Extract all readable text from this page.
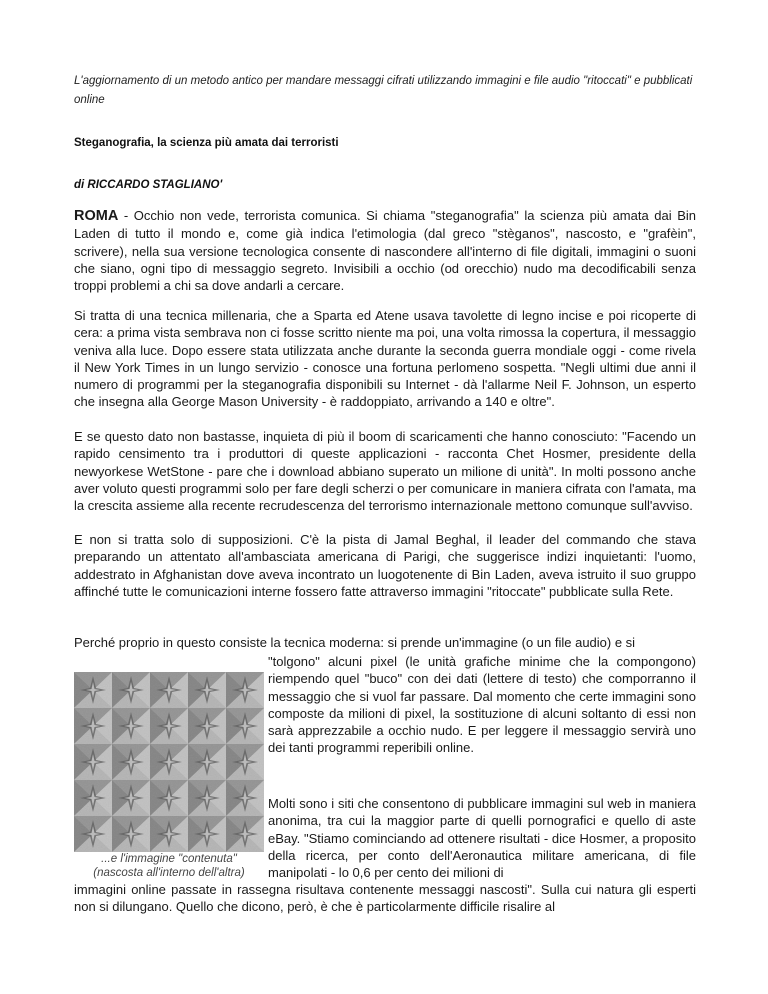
L'aggiornamento di un metodo antico per mandare messaggi cifrati utilizzando immagini e file audio "ritoccati" e pubblicati online
Steganografia, la scienza più amata dai terroristi
di RICCARDO STAGLIANO'

ROMA - Occhio non vede, terrorista comunica. Si chiama "steganografia" la scienza più amata dai Bin Laden di tutto il mondo e, come già indica l'etimologia (dal greco "stèganos", nascosto, e "grafèin", scrivere), nella sua versione tecnologica consente di nascondere all'interno di file digitali, immagini o suoni che siano, ogni tipo di messaggio segreto. Invisibili a occhio (od orecchio) nudo ma decodificabili senza troppi problemi a chi sa dove andarli a cercare.

Si tratta di una tecnica millenaria, che a Sparta ed Atene usava tavolette di legno incise e poi ricoperte di cera: a prima vista sembrava non ci fosse scritto niente ma poi, una volta rimossa la copertura, il messaggio veniva alla luce. Dopo essere stata utilizzata anche durante la seconda guerra mondiale oggi - come rivela il New York Times in un lungo servizio - conosce una fortuna perlomeno sospetta. "Negli ultimi due anni il numero di programmi per la steganografia disponibili su Internet - dà l'allarme Neil F. Johnson, un esperto che insegna alla George Mason University - è raddoppiato, arrivando a 140 e oltre".

E se questo dato non bastasse, inquieta di più il boom di scaricamenti che hanno conosciuto: "Facendo un rapido censimento tra i produttori di queste applicazioni - racconta Chet Hosmer, presidente della newyorkese WetStone - pare che i download abbiano superato un milione di unità". In molti possono anche aver voluto questi programmi solo per fare degli scherzi o per comunicare in maniera cifrata con l'amata, ma la crescita assieme alla recente recrudescenza del terrorismo internazionale mettono comunque sull'avviso.

E non si tratta solo di supposizioni. C'è la pista di Jamal Beghal, il leader del commando che stava preparando un attentato all'ambasciata americana di Parigi, che suggerisce indizi inquietanti: l'uomo, addestrato in Afghanistan dove aveva incontrato un luogotenente di Bin Laden, aveva istruito il suo gruppo affinché tutte le comunicazioni interne fossero fatte attraverso immagini "ritoccate" pubblicate sulla Rete.

Perché proprio in questo consiste la tecnica moderna: si prende un'immagine (o un file audio) e si

...e l'immagine "contenuta"
(nascosta all'interno dell'altra)

"tolgono" alcuni pixel (le unità grafiche minime che la compongono) riempendo quel "buco" con dei dati (lettere di testo) che comporranno il messaggio che si vuol far passare. Dal momento che certe immagini sono composte da milioni di pixel, la sostituzione di alcuni soltanto di essi non sarà apprezzabile a occhio nudo. E per leggere il messaggio servirà uno dei tanti programmi reperibili online.

Molti sono i siti che consentono di pubblicare immagini sul web in maniera anonima, tra cui la maggior parte di quelli pornografici e quello di aste eBay. "Stiamo cominciando ad ottenere risultati - dice Hosmer, a proposito della ricerca, per conto dell'Aeronautica militare americana, di file manipolati - lo 0,6 per cento dei milioni di

immagini online passate in rassegna risultava contenente messaggi nascosti". Sulla cui natura gli esperti non si dilungano. Quello che dicono, però, è che è particolarmente difficile risalire al
